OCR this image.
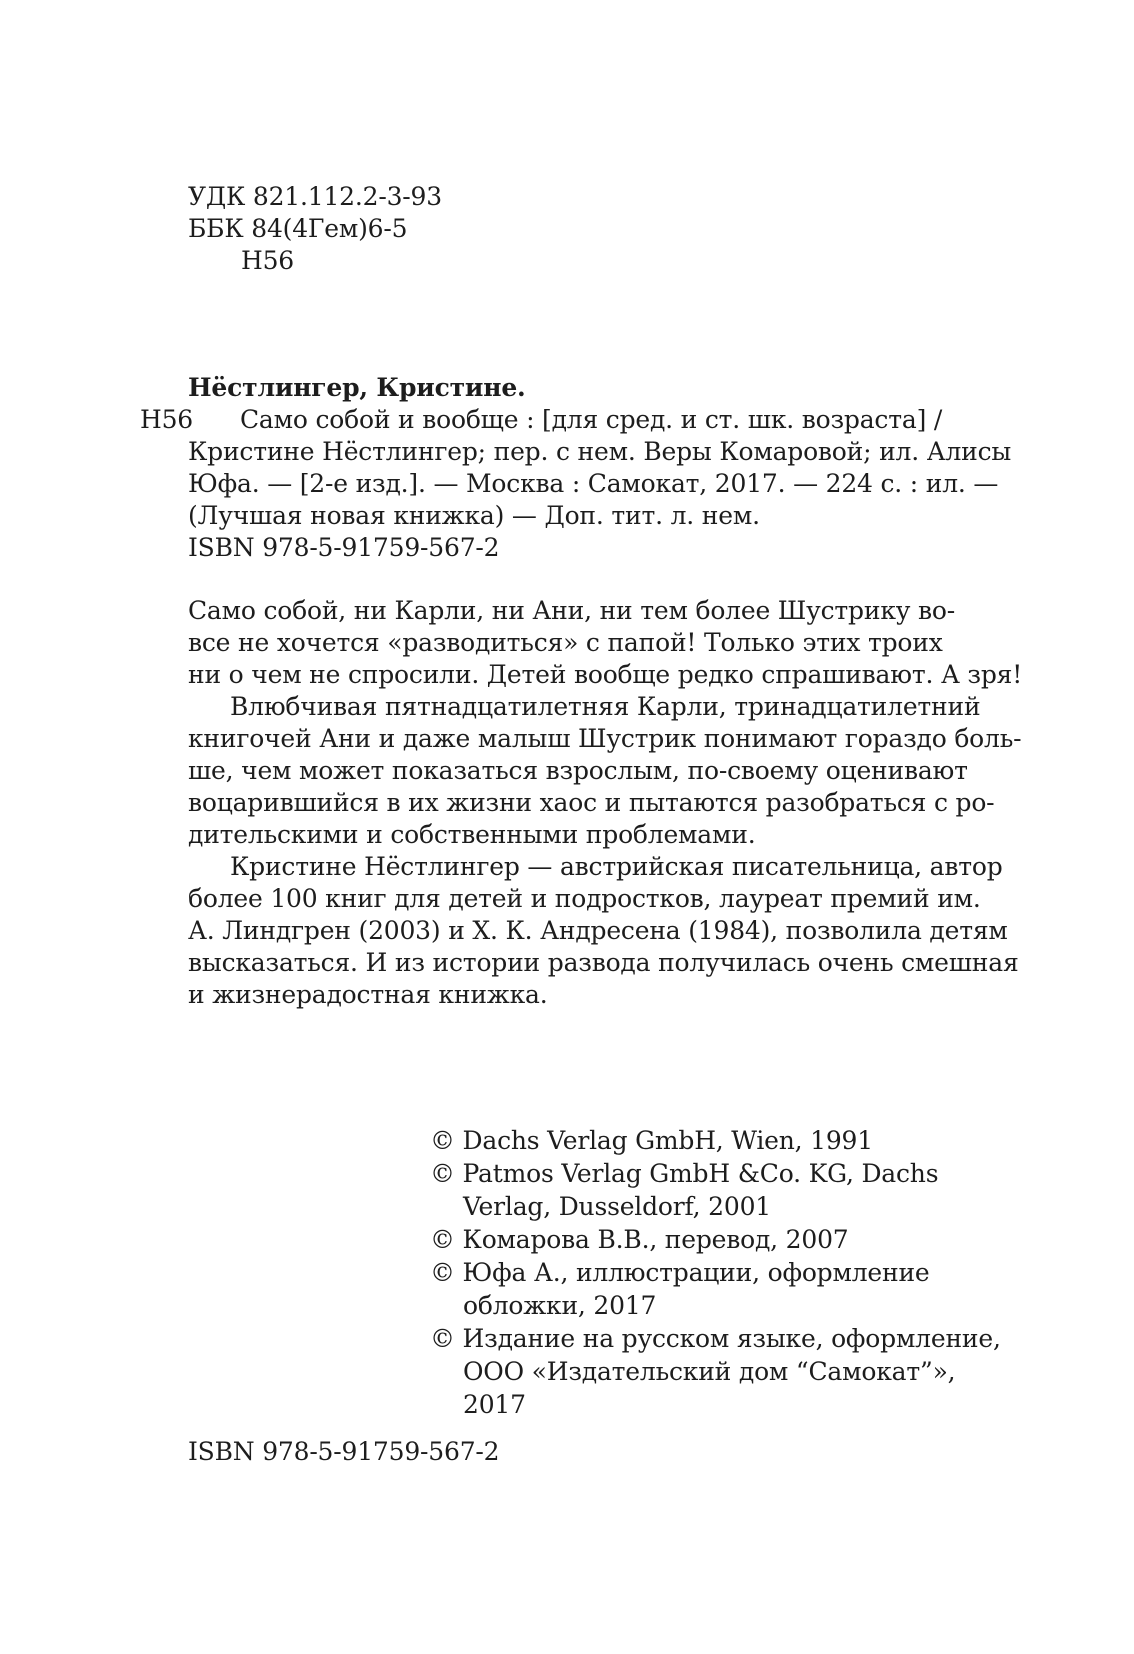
УДК 821.112.2-3-93
ББК 84(4Гем)6-5
Н56
Нёстлингер, Кристине.
Н56 Само собой и вообще : [для сред. и ст. шк. возраста] /
Кристине Нёстлингер; пер. с нем. Веры Комаровой; ил. Алисы
Юфа. — [2-е изд.]. — Москва : Самокат, 2017. — 224 с. : ил. —
(Лучшая новая книжка) — Доп. тит. л. нем.
ISBN 978-5-91759-567-2
Само собой, ни Карли, ни Ани, ни тем более Шустрику во-
все не хочется «разводиться» с папой! Только этих троих
ни о чем не спросили. Детей вообще редко спрашивают. А зря!
Влюбчивая пятнадцатилетняя Карли, тринадцатилетний
книгочей Ани и даже малыш Шустрик понимают гораздо боль-
ше, чем может показаться взрослым, по-своему оценивают
воцарившийся в их жизни хаос и пытаются разобраться с ро-
дительскими и собственными проблемами.
Кристине Нёстлингер — австрийская писательница, автор
более 100 книг для детей и подростков, лауреат премий им.
А. Линдгрен (2003) и Х. К. Андресена (1984), позволила детям
высказаться. И из истории развода получилась очень смешная
и жизнерадостная книжка.
© Dachs Verlag GmbH, Wien, 1991
© Patmos Verlag GmbH &Co. KG, Dachs
Verlag, Dusseldorf, 2001
© Комарова В.В., перевод, 2007
© Юфа А., иллюстрации, оформление
обложки, 2017
© Издание на русском языке, оформление,
ООО «Издательский дом “Самокат”»,
2017
ISBN 978-5-91759-567-2
